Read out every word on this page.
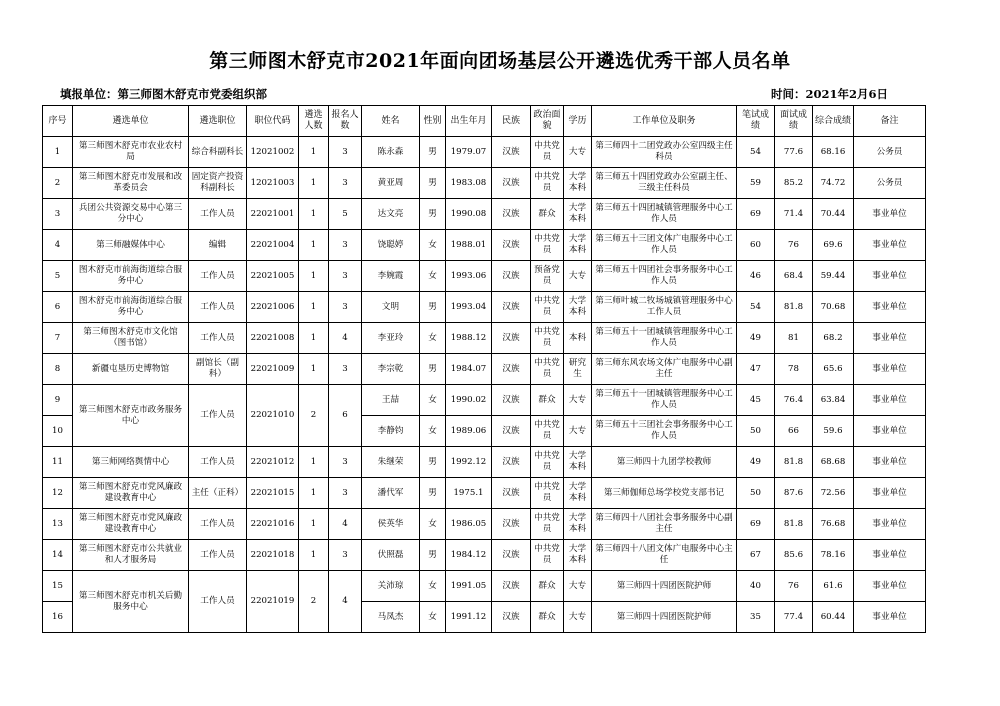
第三师图木舒克市2021年面向团场基层公开遴选优秀干部人员名单
填报单位：第三师图木舒克市党委组织部	时间：2021年2月6日
序号	遴选单位	遴选职位	职位代码	遴选人数	报名人数	姓名	性别	出生年月	民族	政治面貌	学历	工作单位及职务	笔试成绩	面试成绩	综合成绩	备注
1	第三师图木舒克市农业农村局	综合科副科长	12021002	1	3	陈永森	男	1979.07	汉族	中共党员	大专	第三师四十二团党政办公室四级主任科员	54	77.6	68.16	公务员
2	第三师图木舒克市发展和改革委员会	固定资产投资科副科长	12021003	1	3	黄亚周	男	1983.08	汉族	中共党员	大学本科	第三师五十四团党政办公室副主任、三级主任科员	59	85.2	74.72	公务员
3	兵团公共资源交易中心第三分中心	工作人员	22021001	1	5	达文亮	男	1990.08	汉族	群众	大学本科	第三师五十四团城镇管理服务中心工作人员	69	71.4	70.44	事业单位
4	第三师融媒体中心	编辑	22021004	1	3	饶聪婷	女	1988.01	汉族	中共党员	大学本科	第三师五十三团文体广电服务中心工作人员	60	76	69.6	事业单位
5	图木舒克市前海街道综合服务中心	工作人员	22021005	1	3	李婉霞	女	1993.06	汉族	预备党员	大专	第三师五十四团社会事务服务中心工作人员	46	68.4	59.44	事业单位
6	图木舒克市前海街道综合服务中心	工作人员	22021006	1	3	文明	男	1993.04	汉族	中共党员	大学本科	第三师叶城二牧场城镇管理服务中心工作人员	54	81.8	70.68	事业单位
7	第三师图木舒克市文化馆（图书馆）	工作人员	22021008	1	4	李亚玲	女	1988.12	汉族	中共党员	本科	第三师五十一团城镇管理服务中心工作人员	49	81	68.2	事业单位
8	新疆屯垦历史博物馆	副馆长（副科）	22021009	1	3	李宗乾	男	1984.07	汉族	中共党员	研究生	第三师东风农场文体广电服务中心副主任	47	78	65.6	事业单位
9	第三师图木舒克市政务服务中心	工作人员	22021010	2	6	王喆	女	1990.02	汉族	群众	大专	第三师五十一团城镇管理服务中心工作人员	45	76.4	63.84	事业单位
10						李静钧	女	1989.06	汉族	中共党员	大专	第三师五十三团社会事务服务中心工作人员	50	66	59.6	事业单位
11	第三师网络舆情中心	工作人员	22021012	1	3	朱继荣	男	1992.12	汉族	中共党员	大学本科	第三师四十九团学校教师	49	81.8	68.68	事业单位
12	第三师图木舒克市党风廉政建设教育中心	主任（正科）	22021015	1	3	潘代军	男	1975.1	汉族	中共党员	大学本科	第三师伽师总场学校党支部书记	50	87.6	72.56	事业单位
13	第三师图木舒克市党风廉政建设教育中心	工作人员	22021016	1	4	侯英华	女	1986.05	汉族	中共党员	大学本科	第三师四十八团社会事务服务中心副主任	69	81.8	76.68	事业单位
14	第三师图木舒克市公共就业和人才服务局	工作人员	22021018	1	3	伏照磊	男	1984.12	汉族	中共党员	大学本科	第三师四十八团文体广电服务中心主任	67	85.6	78.16	事业单位
15	第三师图木舒克市机关后勤服务中心	工作人员	22021019	2	4	关沛琼	女	1991.05	汉族	群众	大专	第三师四十四团医院护师	40	76	61.6	事业单位
16						马凤杰	女	1991.12	汉族	群众	大专	第三师四十四团医院护师	35	77.4	60.44	事业单位
